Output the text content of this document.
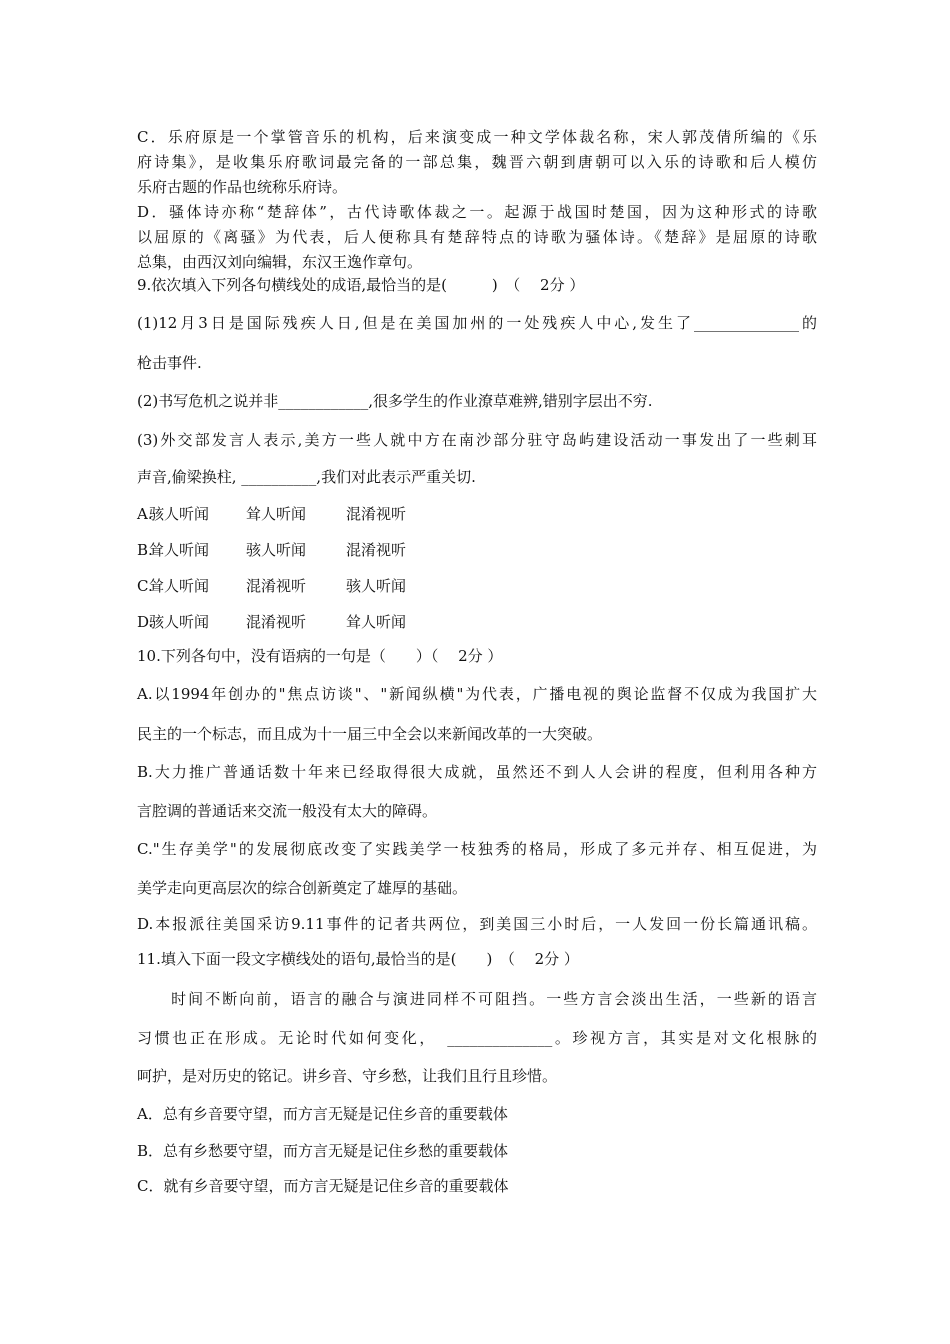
C．乐府原是一个掌管音乐的机构，后来演变成一种文学体裁名称，宋人郭茂倩所编的《乐
府诗集》，是收集乐府歌词最完备的一部总集，魏晋六朝到唐朝可以入乐的诗歌和后人模仿
乐府古题的作品也统称乐府诗。
D．骚体诗亦称“楚辞体”，古代诗歌体裁之一。起源于战国时楚国，因为这种形式的诗歌
以屈原的《离骚》为代表，后人便称具有楚辞特点的诗歌为骚体诗。《楚辞》是屈原的诗歌
总集，由西汉刘向编辑，东汉王逸作章句。
9.依次填入下列各句横线处的成语,最恰当的是(　　　)　（　 2分 ）
(1)12月3日是国际残疾人日,但是在美国加州的一处残疾人中心,发生了______________的
枪击事件.
(2)书写危机之说并非____________,很多学生的作业潦草难辨,错别字层出不穷.
(3)外交部发言人表示,美方一些人就中方在南沙部分驻守岛屿建设活动一事发出了一些刺耳
声音,偷梁换柱, __________,我们对此表示严重关切.
A.骇人听闻 耸人听闻	混淆视听
B.耸人听闻 骇人听闻	混淆视听
C.耸人听闻 混淆视听	骇人听闻
D.骇人听闻 混淆视听	耸人听闻
10.下列各句中，没有语病的一句是（　　）（　 2分 ）
A.以1994年创办的"焦点访谈"、"新闻纵横"为代表，广播电视的舆论监督不仅成为我国扩大
民主的一个标志，而且成为十一届三中全会以来新闻改革的一大突破。
B.大力推广普通话数十年来已经取得很大成就，虽然还不到人人会讲的程度，但利用各种方
言腔调的普通话来交流一般没有太大的障碍。
C."生存美学"的发展彻底改变了实践美学一枝独秀的格局，形成了多元并存、相互促进，为
美学走向更高层次的综合创新奠定了雄厚的基础。
D.本报派往美国采访9.11事件的记者共两位，到美国三小时后，一人发回一份长篇通讯稿。
11.填入下面一段文字横线处的语句,最恰当的是(　　)　（　 2分 ）
　　时间不断向前，语言的融合与演进同样不可阻挡。一些方言会淡出生活，一些新的语言
习惯也正在形成。无论时代如何变化，　______________。珍视方言，其实是对文化根脉的
呵护，是对历史的铭记。讲乡音、守乡愁，让我们且行且珍惜。
A．总有乡音要守望，而方言无疑是记住乡音的重要载体
B．总有乡愁要守望，而方言无疑是记住乡愁的重要载体
C．就有乡音要守望，而方言无疑是记住乡音的重要载体
